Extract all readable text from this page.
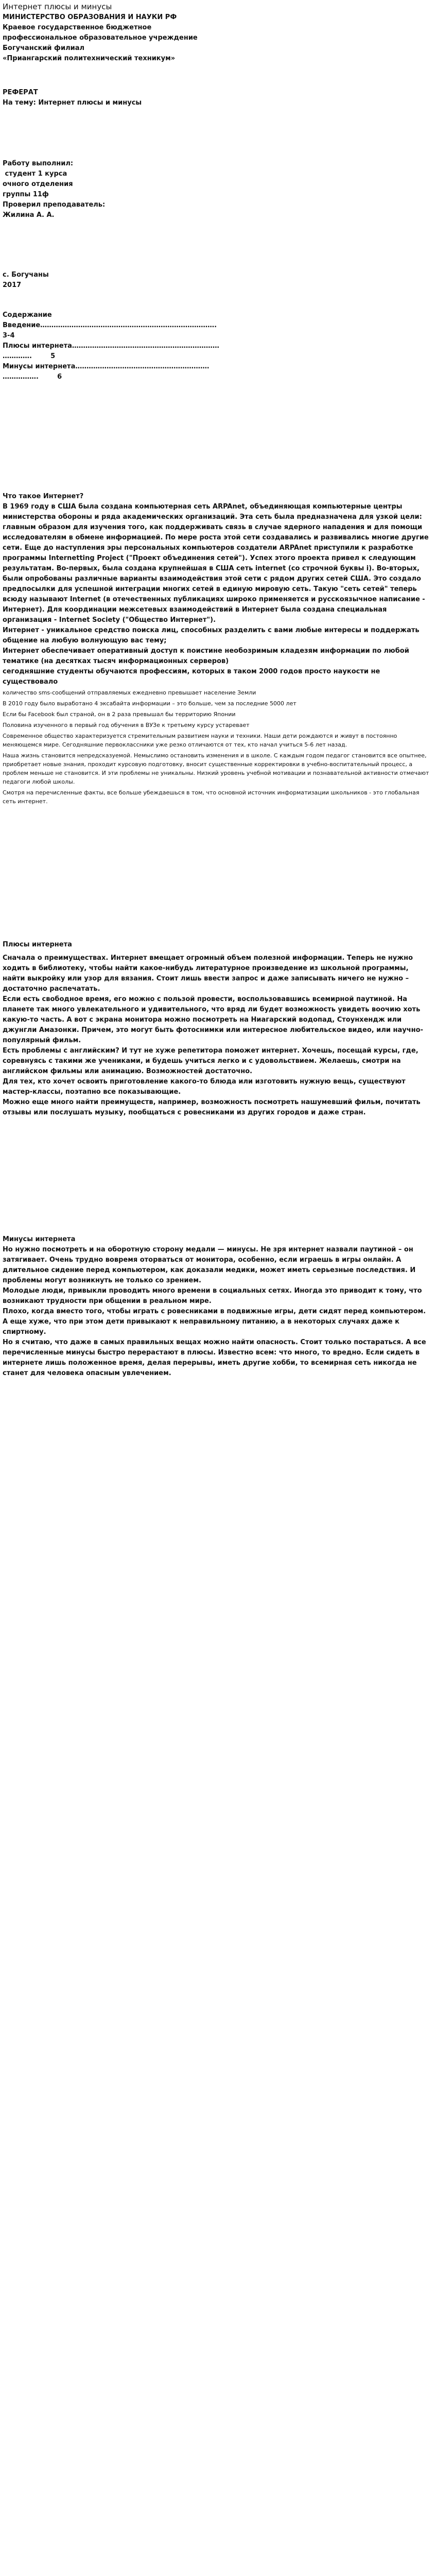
Интернет плюсы и минусы
МИНИСТЕРСТВО ОБРАЗОВАНИЯ И НАУКИ РФ
Краевое государственное бюджетное
профессиональное образовательное учреждение
Богучанский филиал
«Приангарский политехнический техникум»
РЕФЕРАТ
На тему: Интернет плюсы и минусы
Работу выполнил:
студент 1 курса
очного отделения
группы 11ф
Проверил преподаватель:
Жилина А. А.
с. Богучаны
2017
Содержание
Введение…………………………………………………………………….
3-4
Плюсы интернета…………………………………………………………
………….        5
Минусы интернета……………………………………………………
…………….        6

Что такое Интернет?

В 1969 году в США была создана компьютерная сеть ARPAnet, объединяющая компьютерные центры министерства обороны и ряда академических организаций. Эта сеть была предназначена для узкой цели: главным образом для изучения того, как поддерживать связь в случае ядерного нападения и для помощи исследователям в обмене информацией. По мере роста этой сети создавались и развивались многие другие сети. Еще до наступления эры персональных компьютеров создатели ARPAnet приступили к разработке программы Internetting Project ("Проект объединения сетей"). Успех этого проекта привел к следующим результатам. Во-первых, была создана крупнейшая в США сеть internet (со строчной буквы i). Во-вторых, были опробованы различные варианты взаимодействия этой сети с рядом других сетей США. Это создало предпосылки для успешной интеграции многих сетей в единую мировую сеть. Такую "сеть сетей" теперь всюду называют Internet (в отечественных публикациях широко применяется и русскоязычное написание - Интернет). Для координации межсетевых взаимодействий в Интернет была создана специальная организация - Internet Society ("Общество Интернет").

Интернет - уникальное средство поиска лиц, способных разделить с вами любые интересы и поддержать общение на любую волнующую вас тему;

Интернет обеспечивает оперативный доступ к поистине необозримым кладезям информации по любой тематике (на десятках тысяч информационных серверов)

сегодняшние студенты обучаются профессиям, которых в таком 2000 годов просто наукости не существовало

количество sms-сообщений отправляемых ежедневно превышает население Земли

В 2010 году было выработано 4 эксабайта информации – это больше, чем за последние 5000 лет

Если бы Facebook был страной, он в 2 раза превышал бы территорию Японии

Половина изученного в первый год обучения в ВУЗе к третьему курсу устаревает

Современное общество характеризуется стремительным развитием науки и техники. Наши дети рождаются и живут в постоянно меняющемся мире. Сегодняшние первоклассники уже резко отличаются от тех, кто начал учиться 5-6 лет назад.

Наша жизнь становится непредсказуемой. Немыслимо остановить изменения и в школе. С каждым годом педагог становится все опытнее, приобретает новые знания, проходит курсовую подготовку, вносит существенные корректировки в учебно-воспитательный процесс, а проблем меньше не становится. И эти проблемы не уникальны. Низкий уровень учебной мотивации и познавательной активности отмечают педагоги любой школы.

Смотря на перечисленные факты, все больше убеждаешься в том, что основной источник информатизации школьников - это глобальная сеть интернет.

Плюсы интернета

Сначала о преимуществах. Интернет вмещает огромный объем полезной информации. Теперь не нужно ходить в библиотеку, чтобы найти какое-нибудь литературное произведение из школьной программы, найти выкройку или узор для вязания. Стоит лишь ввести запрос и даже записывать ничего не нужно – достаточно распечатать.

Если есть свободное время, его можно с пользой провести, воспользовавшись всемирной паутиной. На планете так много увлекательного и удивительного, что вряд ли будет возможность увидеть воочию хоть какую-то часть. А вот с экрана монитора можно посмотреть на Ниагарский водопад, Стоунхендж или джунгли Амазонки. Причем, это могут быть фотоснимки или интересное любительское видео, или научно-популярный фильм.

Есть проблемы с английским? И тут не хуже репетитора поможет интернет. Хочешь, посещай курсы, где, соревнуясь с такими же учениками, и будешь учиться легко и с удовольствием. Желаешь, смотри на английском фильмы или анимацию. Возможностей достаточно.

Для тех, кто хочет освоить приготовление какого-то блюда или изготовить нужную вещь, существуют мастер-классы, поэтапно все показывающие.

Можно еще много найти преимуществ, например, возможность посмотреть нашумевший фильм, почитать отзывы или послушать музыку, пообщаться с ровесниками из других городов и даже стран.

Минусы интернета

Но нужно посмотреть и на оборотную сторону медали — минусы. Не зря интернет назвали паутиной – он затягивает. Очень трудно вовремя оторваться от монитора, особенно, если играешь в игры онлайн. А длительное сидение перед компьютером, как доказали медики, может иметь серьезные последствия. И проблемы могут возникнуть не только со зрением.

Молодые люди, привыкли проводить много времени в социальных сетях. Иногда это приводит к тому, что возникают трудности при общении в реальном мире.

Плохо, когда вместо того, чтобы играть с ровесниками в подвижные игры, дети сидят перед компьютером. А еще хуже, что при этом дети привыкают к неправильному питанию, а в некоторых случаях даже к спиртному.

Но я считаю, что даже в самых правильных вещах можно найти опасность. Стоит только постараться. А все перечисленные минусы быстро перерастают в плюсы. Известно всем: что много, то вредно. Если сидеть в интернете лишь положенное время, делая перерывы, иметь другие хобби, то всемирная сеть никогда не станет для человека опасным увлечением.
